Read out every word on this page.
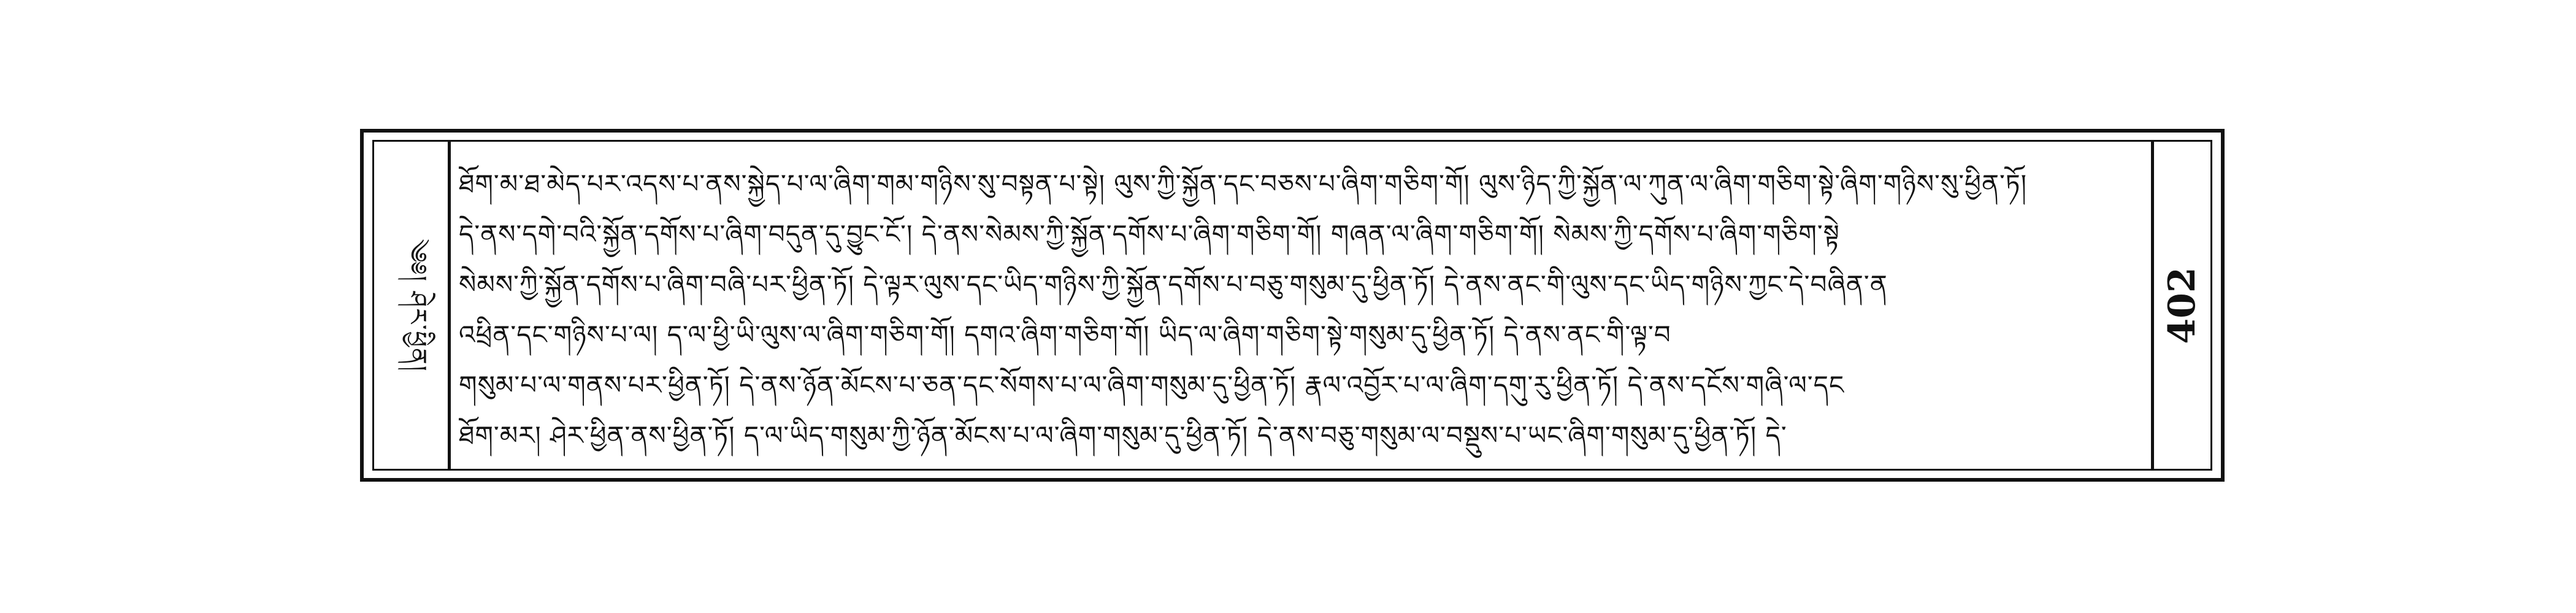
༄༅། ཤེར་ཕྱིན།
ཐོག་མ་ཐ་མེད་པར་འདས་པ་ནས་སྐྱེད་པ་ལ་ཞིག་གམ་གཉིས་སུ་བསྟན་པ་སྟེ། ལུས་ཀྱི་སྐྱོན་དང་བཅས་པ་ཞིག་གཅིག་གོ། ལུས་ཉིད་ཀྱི་སྐྱོན་ལ་ཀུན་ལ་ཞིག་གཅིག་སྟེ་ཞིག་གཉིས་སུ་ཕྱིན་ཏོ།
དེ་ནས་དགེ་བའི་སྐྱོན་དགོས་པ་ཞིག་བདུན་དུ་བྱུང་ངོ་། དེ་ནས་སེམས་ཀྱི་སྐྱོན་དགོས་པ་ཞིག་གཅིག་གོ། གཞན་ལ་ཞིག་གཅིག་གོ། སེམས་ཀྱི་དགོས་པ་ཞིག་གཅིག་སྟེ
སེམས་ཀྱི་སྐྱོན་དགོས་པ་ཞིག་བཞི་པར་ཕྱིན་ཏོ། དེ་ལྟར་ལུས་དང་ཡིད་གཉིས་ཀྱི་སྐྱོན་དགོས་པ་བཅུ་གསུམ་དུ་ཕྱིན་ཏོ། དེ་ནས་ནང་གི་ལུས་དང་ཡིད་གཉིས་ཀྱང་དེ་བཞིན་ན
འཕྲིན་དང་གཉིས་པ་ལ། ད་ལ་ཕྱི་ཡི་ལུས་ལ་ཞིག་གཅིག་གོ། དགའ་ཞིག་གཅིག་གོ། ཡིད་ལ་ཞིག་གཅིག་སྟེ་གསུམ་དུ་ཕྱིན་ཏོ། དེ་ནས་ནང་གི་ལྟ་བ
གསུམ་པ་ལ་གནས་པར་ཕྱིན་ཏོ། དེ་ནས་ཉོན་མོངས་པ་ཅན་དང་སོགས་པ་ལ་ཞིག་གསུམ་དུ་ཕྱིན་ཏོ། རྣལ་འབྱོར་པ་ལ་ཞིག་དགུ་རུ་ཕྱིན་ཏོ། དེ་ནས་དངོས་གཞི་ལ་དང
ཐོག་མར། ཤེར་ཕྱིན་ནས་ཕྱིན་ཏོ། ད་ལ་ཡིད་གསུམ་ཀྱི་ཉོན་མོངས་པ་ལ་ཞིག་གསུམ་དུ་ཕྱིན་ཏོ། དེ་ནས་བཅུ་གསུམ་ལ་བསྡུས་པ་ཡང་ཞིག་གསུམ་དུ་ཕྱིན་ཏོ། དེ་
402
